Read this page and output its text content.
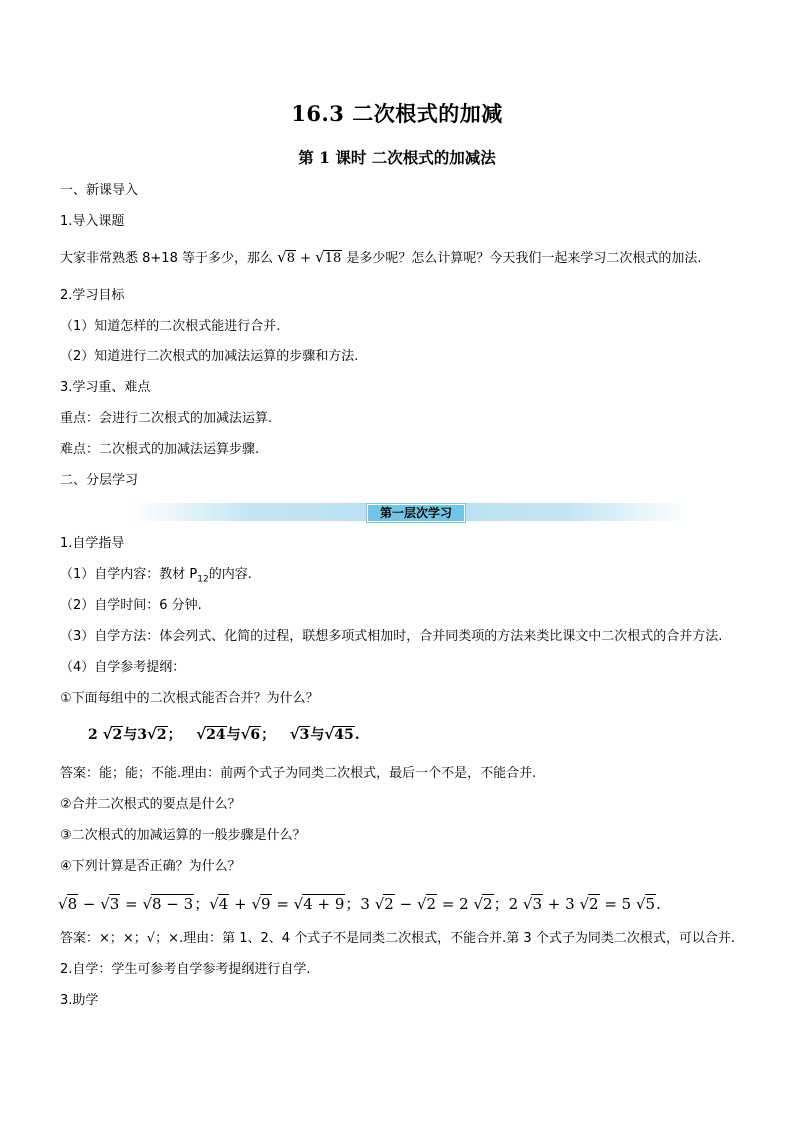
16.3 二次根式的加减
第 1 课时 二次根式的加减法
一、新课导入
1.导入课题
大家非常熟悉 8+18 等于多少，那么 √8 + √18 是多少呢？怎么计算呢？今天我们一起来学习二次根式的加法.
2.学习目标
（1）知道怎样的二次根式能进行合并.
（2）知道进行二次根式的加减法运算的步骤和方法.
3.学习重、难点
重点：会进行二次根式的加减法运算.
难点：二次根式的加减法运算步骤.
二、分层学习
第一层次学习
1.自学指导
（1）自学内容：教材 $P_{12}$的内容.
（2）自学时间：6 分钟.
（3）自学方法：体会列式、化简的过程，联想多项式相加时，合并同类项的方法来类比课文中二次根式的合并方法.
（4）自学参考提纲：
①下面每组中的二次根式能否合并？为什么？
2 √2与3√2； √24与√6； √3与√45.
答案：能；能；不能.理由：前两个式子为同类二次根式，最后一个不是，不能合并.
②合并二次根式的要点是什么？
③二次根式的加减运算的一般步骤是什么？
④下列计算是否正确？为什么？
√8 − √3 = √8 − 3；√4 + √9 = √4 + 9；3 √2 − √2 = 2 √2；2 √3 + 3 √2 = 5 √5.
答案：×；×；√；×.理由：第 1、2、4 个式子不是同类二次根式，不能合并.第 3 个式子为同类二次根式，可以合并.
2.自学：学生可参考自学参考提纲进行自学.
3.助学
